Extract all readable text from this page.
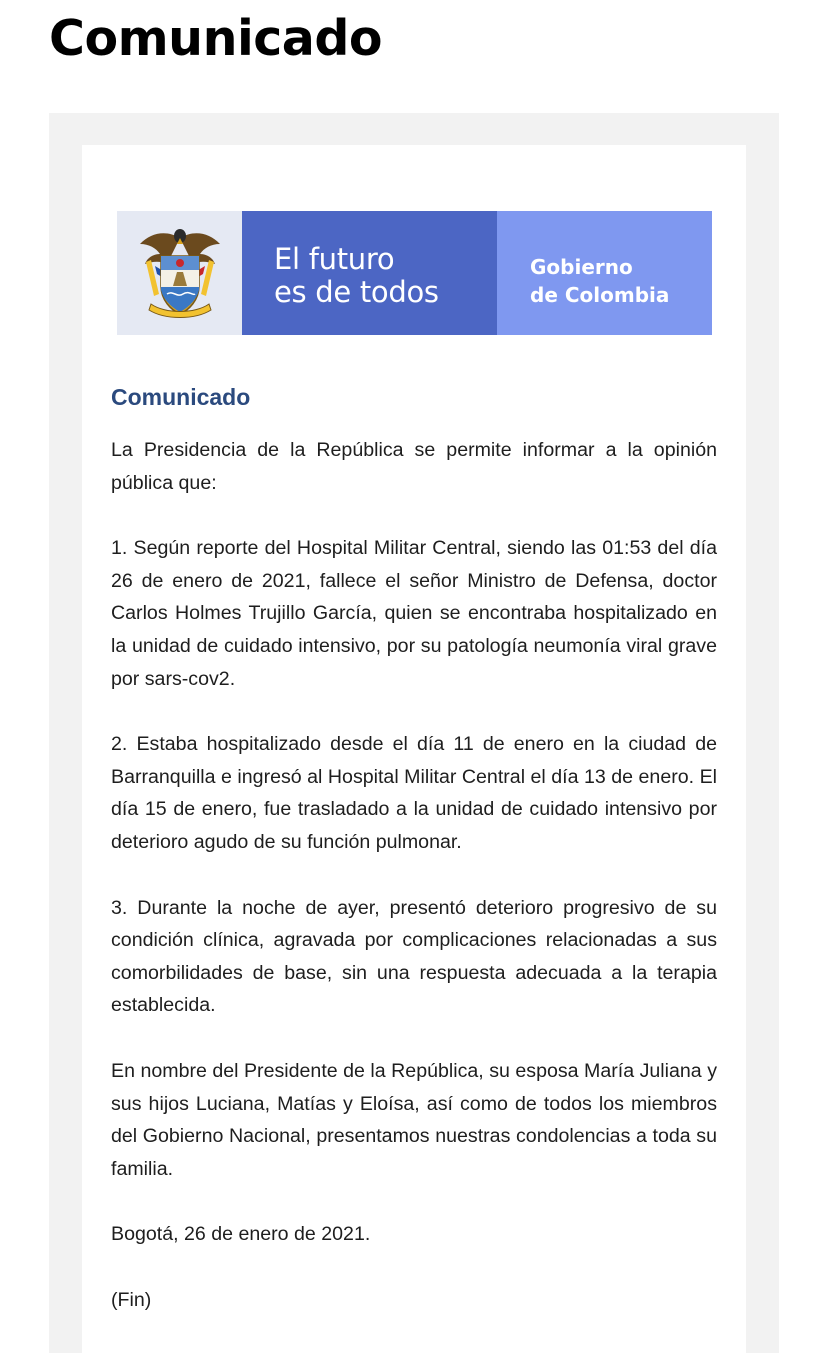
Comunicado
El futuro
es de todos
Gobierno
de Colombia
Comunicado

La Presidencia de la República se permite informar a la opinión pública que:

1. Según reporte del Hospital Militar Central, siendo las 01:53 del día 26 de enero de 2021, fallece el señor Ministro de Defensa, doctor Carlos Holmes Trujillo García, quien se encontraba hospitalizado en la unidad de cuidado intensivo, por su patología neumonía viral grave por sars-cov2.

2. Estaba hospitalizado desde el día 11 de enero en la ciudad de Barranquilla e ingresó al Hospital Militar Central el día 13 de enero. El día 15 de enero, fue trasladado a la unidad de cuidado intensivo por deterioro agudo de su función pulmonar.

3. Durante la noche de ayer, presentó deterioro progresivo de su condición clínica, agravada por complicaciones relacionadas a sus comorbilidades de base, sin una respuesta adecuada a la terapia establecida.

En nombre del Presidente de la República, su esposa María Juliana y sus hijos Luciana, Matías y Eloísa, así como de todos los miembros del Gobierno Nacional, presentamos nuestras condolencias a toda su familia.

Bogotá, 26 de enero de 2021.

(Fin)
